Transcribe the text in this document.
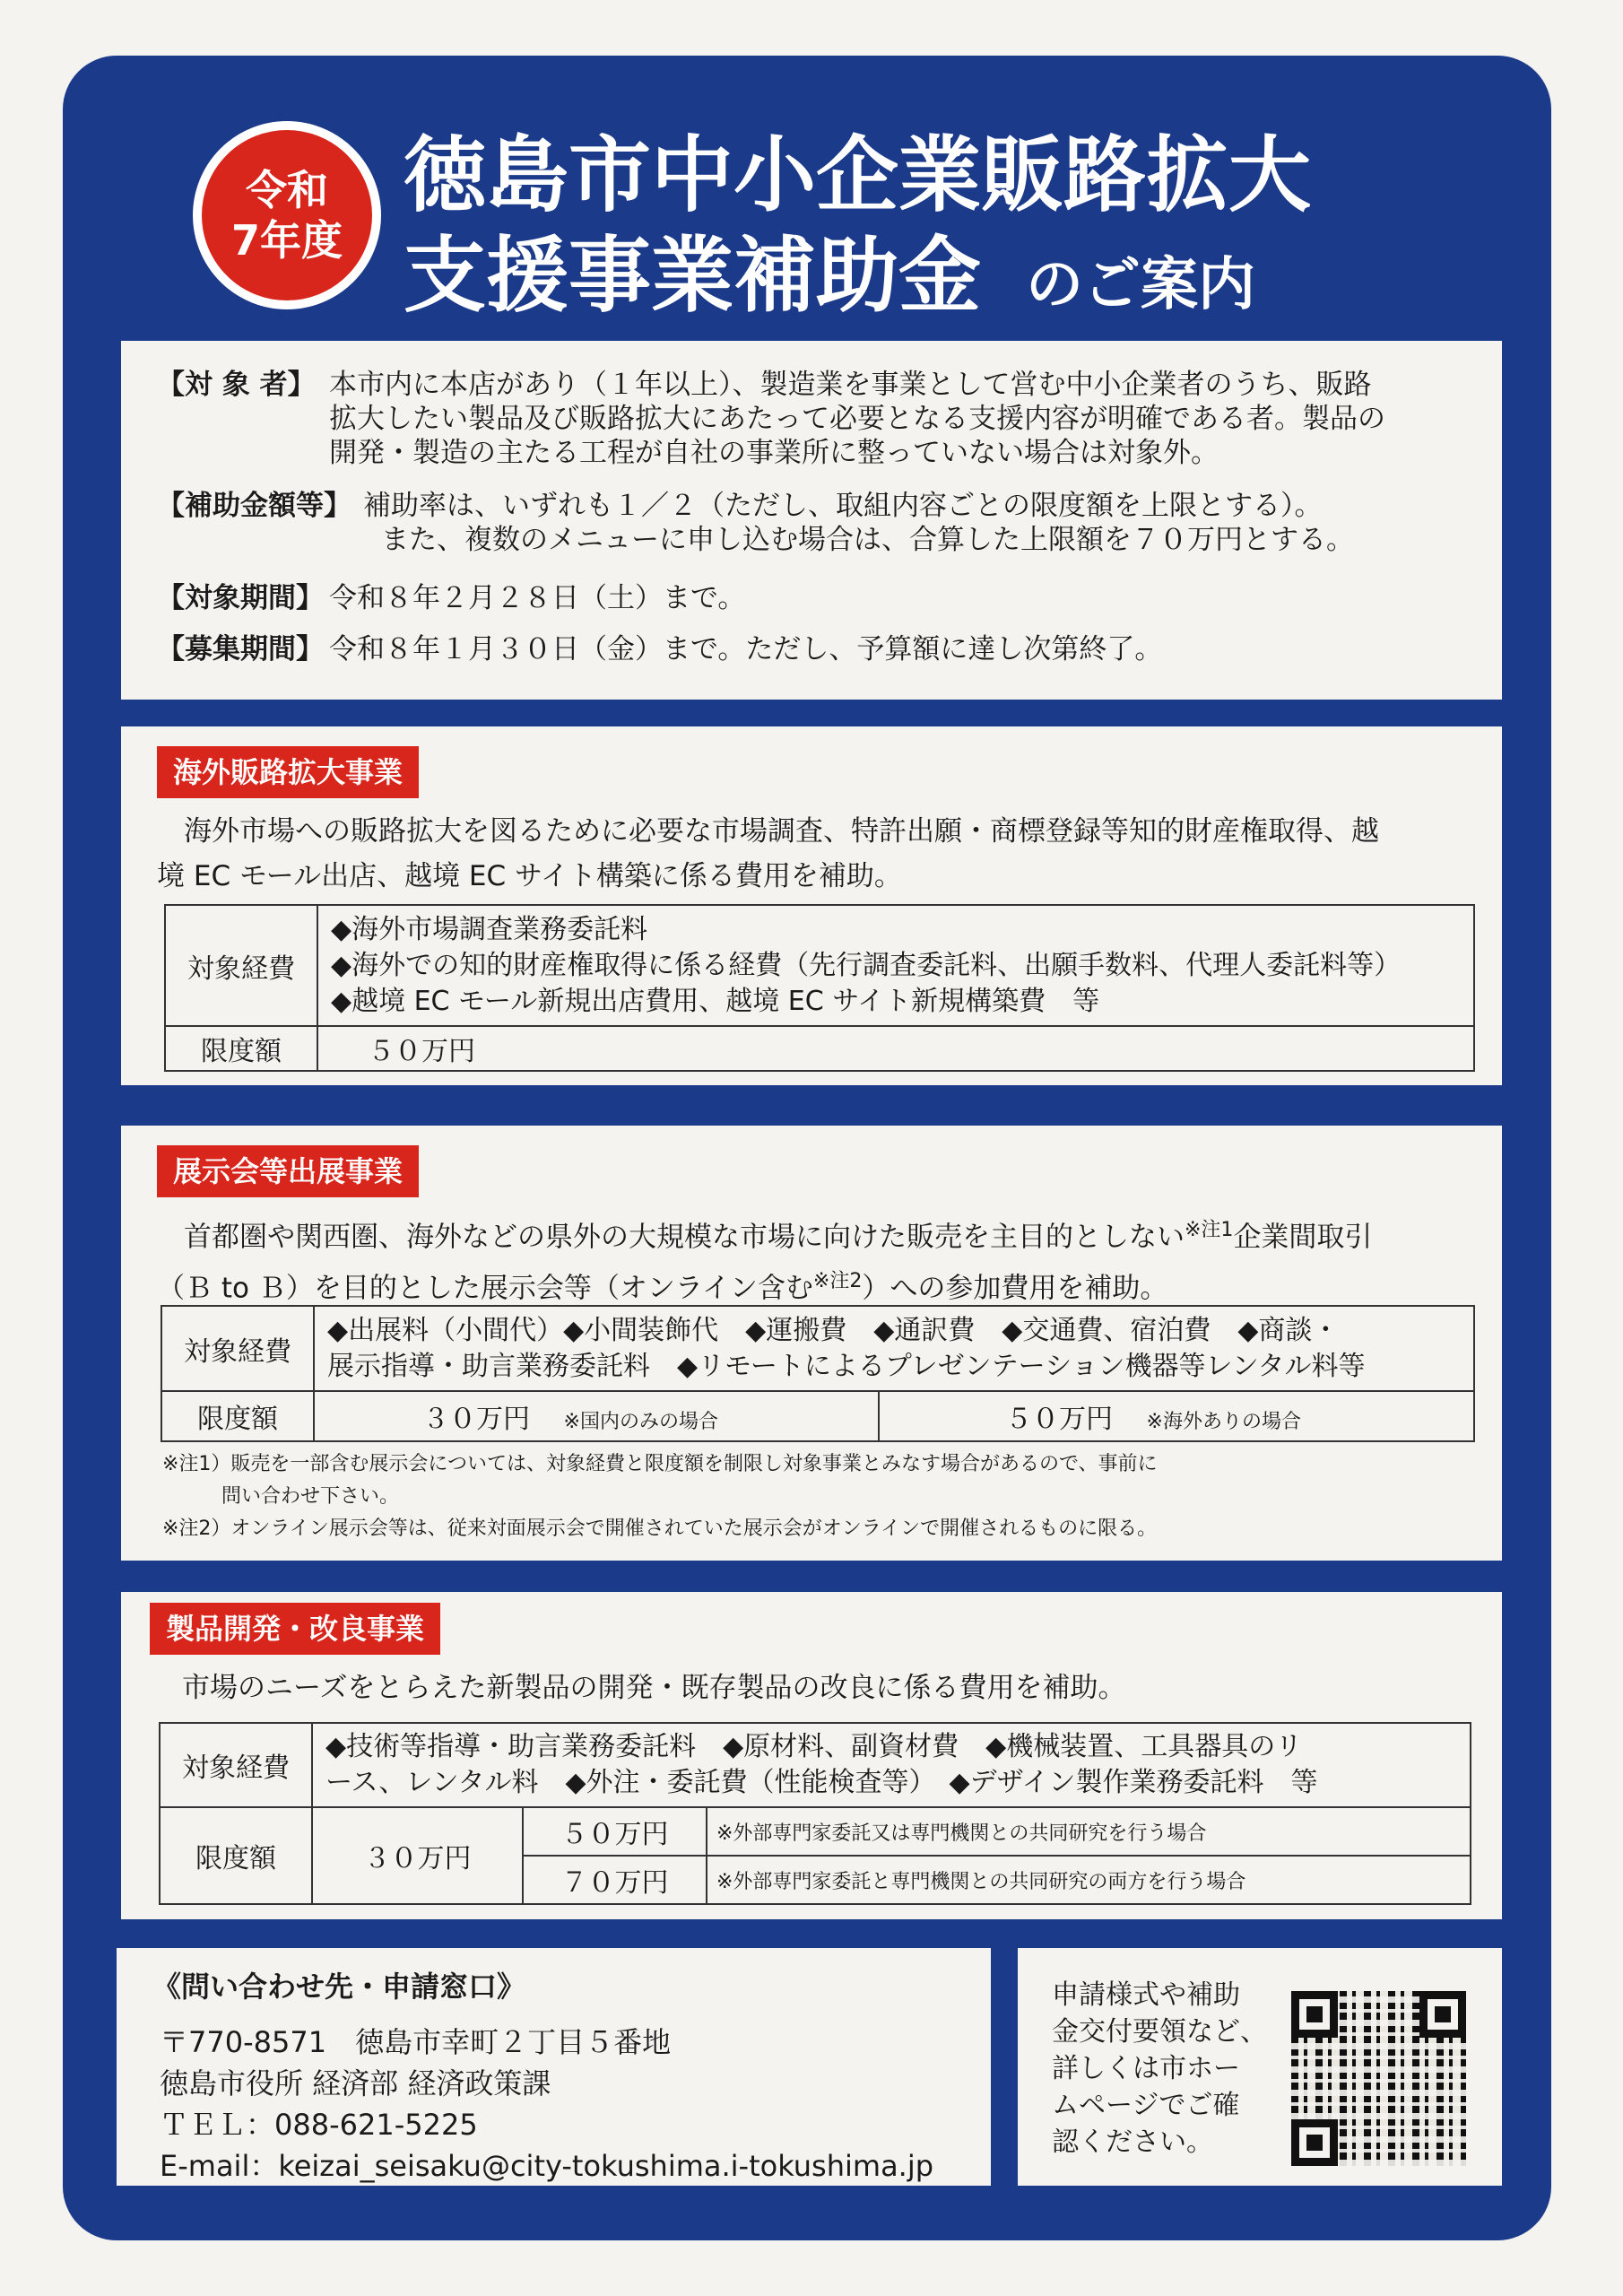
令和
7年度
徳島市中小企業販路拡大
支援事業補助金 のご案内
【対 象 者】 本市内に本店があり（１年以上）、製造業を事業として営む中小企業者のうち、販路
拡大したい製品及び販路拡大にあたって必要となる支援内容が明確である者。製品の
開発・製造の主たる工程が自社の事業所に整っていない場合は対象外。
【補助金額等】 補助率は、いずれも１／２（ただし、取組内容ごとの限度額を上限とする）。
また、複数のメニューに申し込む場合は、合算した上限額を７０万円とする。
【対象期間】 令和８年２月２８日（土）まで。
【募集期間】 令和８年１月３０日（金）まで。ただし、予算額に達し次第終了。
海外販路拡大事業
海外市場への販路拡大を図るために必要な市場調査、特許出願・商標登録等知的財産権取得、越
境 EC モール出店、越境 EC サイト構築に係る費用を補助。
対象経費	◆海外市場調査業務委託料
◆海外での知的財産権取得に係る経費（先行調査委託料、出願手数料、代理人委託料等）
◆越境 EC モール新規出店費用、越境 EC サイト新規構築費　等

限度額	５０万円
展示会等出展事業
首都圏や関西圏、海外などの県外の大規模な市場に向けた販売を主目的としない$^{※注1}$企業間取引
（Ｂ to Ｂ）を目的とした展示会等（オンライン含む$^{※注2}$）への参加費用を補助。
対象経費	◆出展料（小間代）◆小間装飾代　◆運搬費　◆通訳費　◆交通費、宿泊費　◆商談・
展示指導・助言業務委託料　◆リモートによるプレゼンテーション機器等レンタル料等	

限度額	３０万円 ※国内のみの場合	５０万円 ※海外ありの場合
※注1）販売を一部含む展示会については、対象経費と限度額を制限し対象事業とみなす場合があるので、事前に
　　　問い合わせ下さい。
※注2）オンライン展示会等は、従来対面展示会で開催されていた展示会がオンラインで開催されるものに限る。
製品開発・改良事業
市場のニーズをとらえた新製品の開発・既存製品の改良に係る費用を補助。
対象経費	◆技術等指導・助言業務委託料　◆原材料、副資材費　◆機械装置、工具器具のリ
ース、レンタル料　◆外注・委託費（性能検査等）　◆デザイン製作業務委託料　等		

限度額	３０万円	５０万円	※外部専門家委託又は専門機関との共同研究を行う場合
		７０万円	※外部専門家委託と専門機関との共同研究の両方を行う場合
《問い合わせ先・申請窓口》
〒770-8571　徳島市幸町２丁目５番地
徳島市役所 経済部 経済政策課
ＴＥＬ：088-621-5225
E-mail：keizai_seisaku@city-tokushima.i-tokushima.jp
申請様式や補助
金交付要領など、
詳しくは市ホー
ムページでご確
認ください。
